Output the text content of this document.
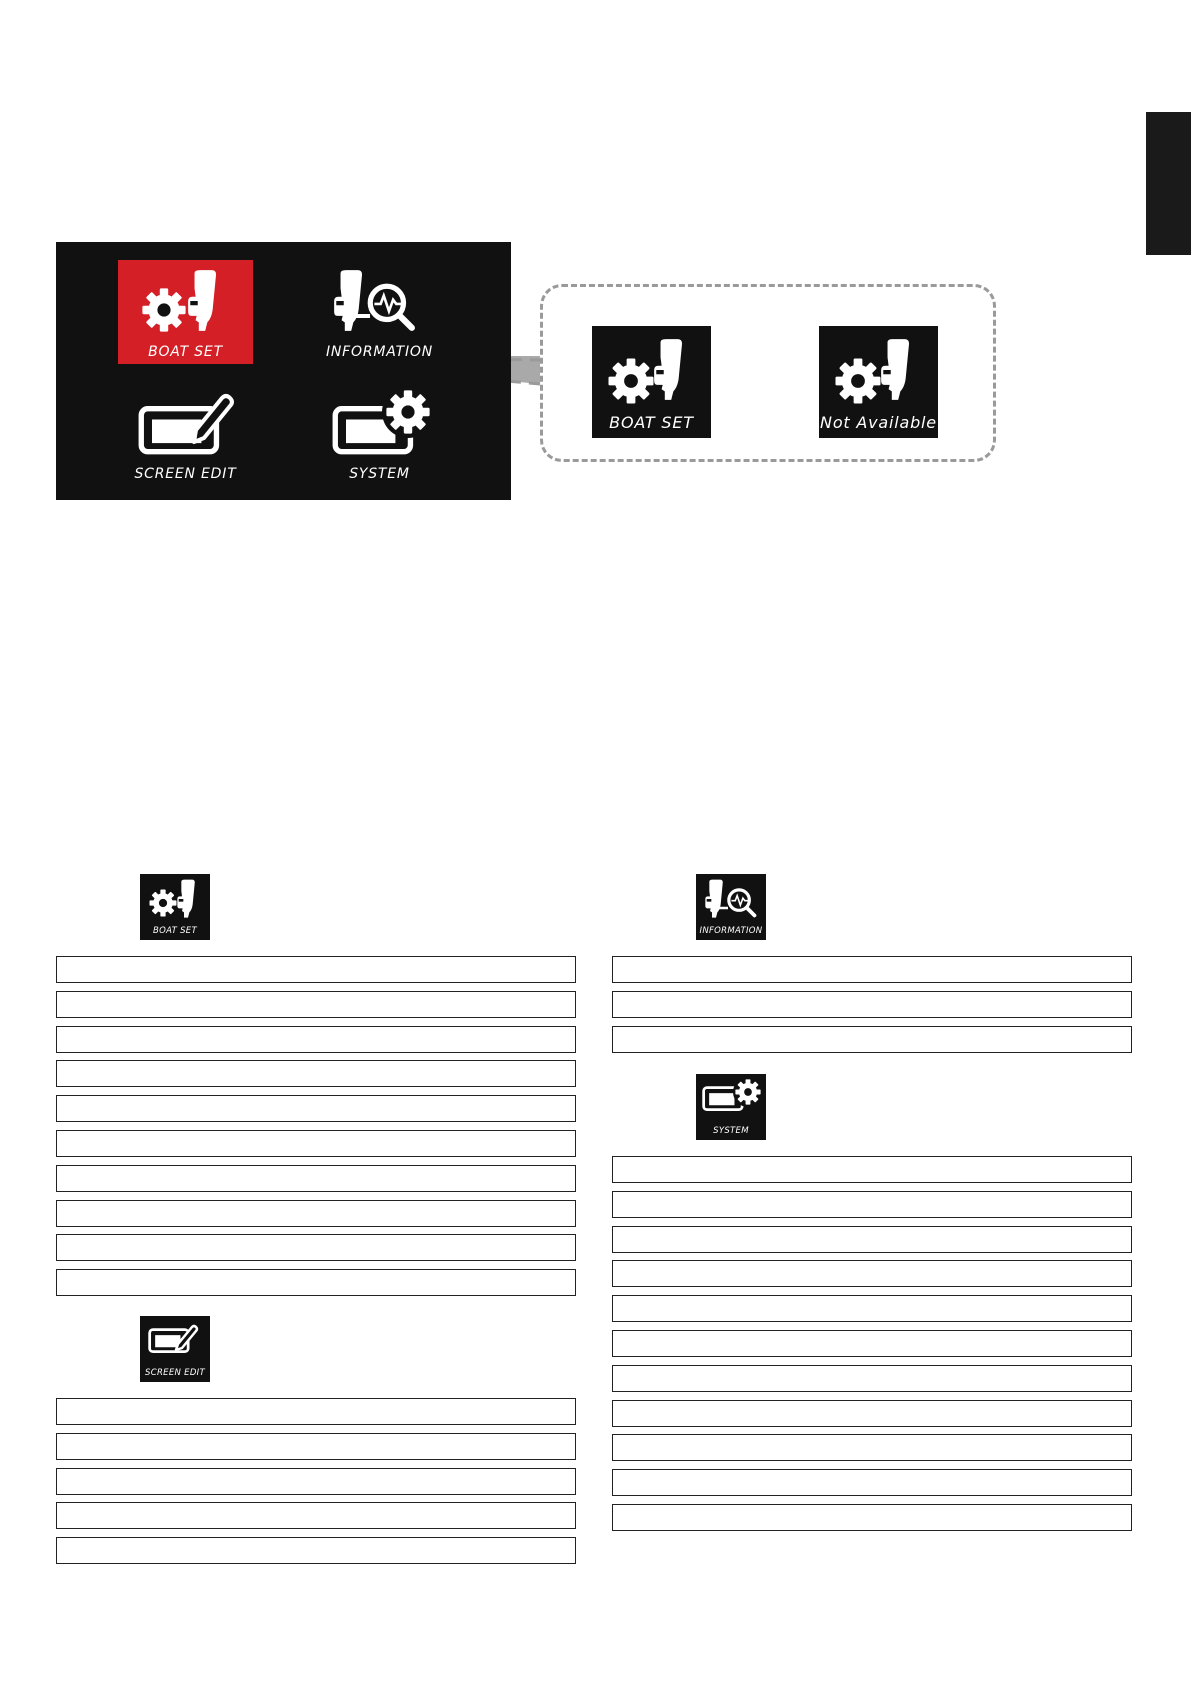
BOAT SET	INFORMATION
SCREEN EDIT	SYSTEM
BOAT SET	Not Available
BOAT SET
SCREEN EDIT
INFORMATION
SYSTEM
